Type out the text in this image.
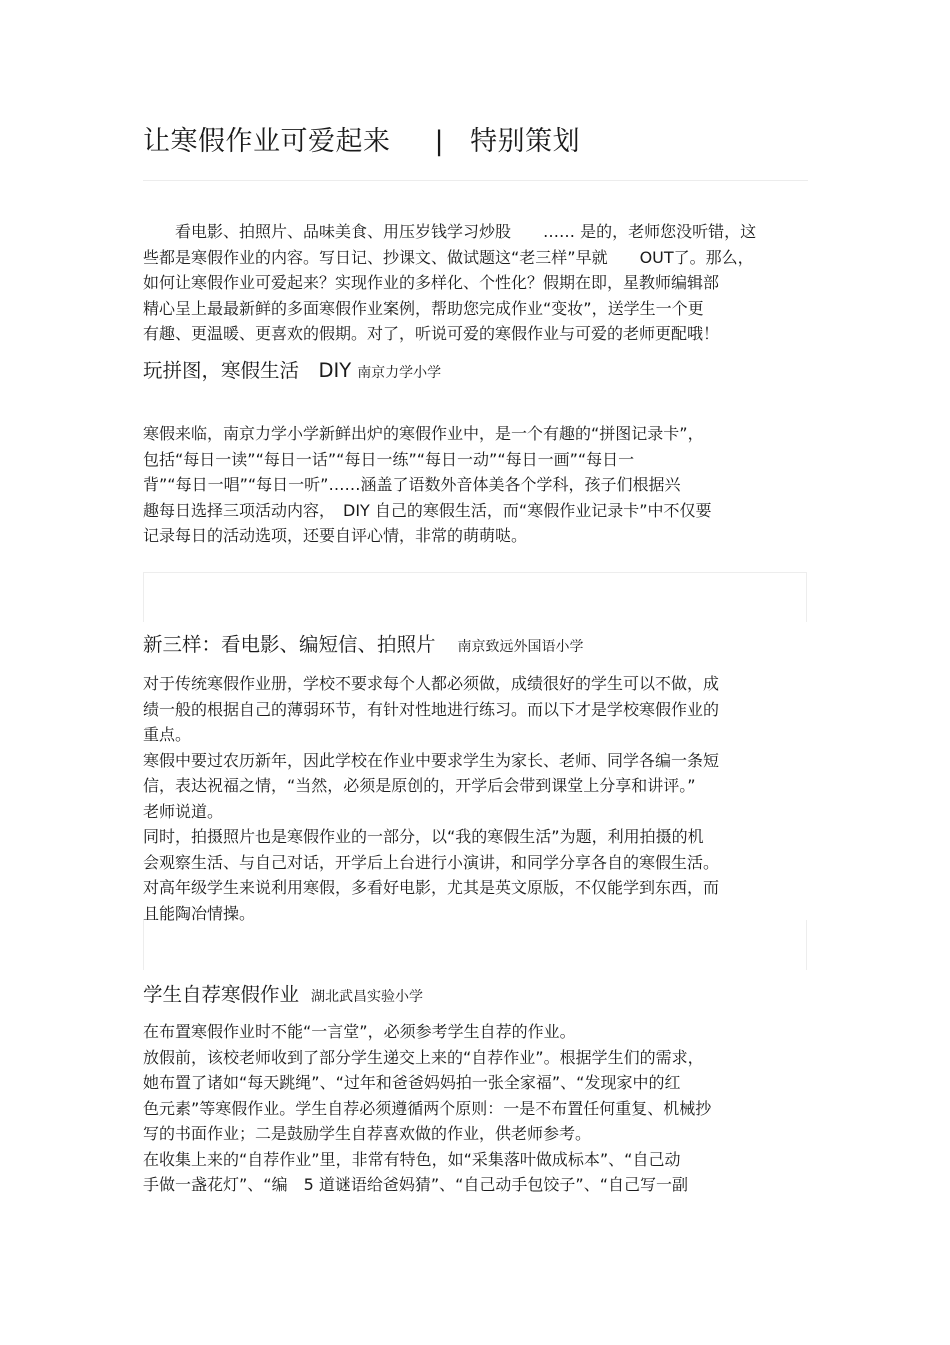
让寒假作业可爱起来 | 特别策划
　　看电影、拍照片、品味美食、用压岁钱学习炒股　　…… 是的，老师您没听错，这
些都是寒假作业的内容。写日记、抄课文、做试题这“老三样”早就　　OUT了。那么，
如何让寒假作业可爱起来？实现作业的多样化、个性化？假期在即，星教师编辑部
精心呈上最最新鲜的多面寒假作业案例，帮助您完成作业“变妆”，送学生一个更
有趣、更温暖、更喜欢的假期。对了，听说可爱的寒假作业与可爱的老师更配哦！
玩拼图，寒假生活　DIY 南京力学小学
寒假来临，南京力学小学新鲜出炉的寒假作业中，是一个有趣的“拼图记录卡”，
包括“每日一读”“每日一话”“每日一练”“每日一动”“每日一画”“每日一
背”“每日一唱”“每日一听”……涵盖了语数外音体美各个学科，孩子们根据兴
趣每日选择三项活动内容，　DIY 自己的寒假生活，而“寒假作业记录卡”中不仅要
记录每日的活动选项，还要自评心情，非常的萌萌哒。
新三样：看电影、编短信、拍照片 南京致远外国语小学
对于传统寒假作业册，学校不要求每个人都必须做，成绩很好的学生可以不做，成
绩一般的根据自己的薄弱环节，有针对性地进行练习。而以下才是学校寒假作业的
重点。
寒假中要过农历新年，因此学校在作业中要求学生为家长、老师、同学各编一条短
信，表达祝福之情，“当然，必须是原创的，开学后会带到课堂上分享和讲评。”
老师说道。
同时，拍摄照片也是寒假作业的一部分，以“我的寒假生活”为题，利用拍摄的机
会观察生活、与自己对话，开学后上台进行小演讲，和同学分享各自的寒假生活。
对高年级学生来说利用寒假，多看好电影，尤其是英文原版，不仅能学到东西，而
且能陶冶情操。
学生自荐寒假作业 湖北武昌实验小学
在布置寒假作业时不能“一言堂”，必须参考学生自荐的作业。
放假前，该校老师收到了部分学生递交上来的“自荐作业”。根据学生们的需求，
她布置了诸如“每天跳绳”、“过年和爸爸妈妈拍一张全家福”、“发现家中的红
色元素”等寒假作业。学生自荐必须遵循两个原则：一是不布置任何重复、机械抄
写的书面作业；二是鼓励学生自荐喜欢做的作业，供老师参考。
在收集上来的“自荐作业”里，非常有特色，如“采集落叶做成标本”、“自己动
手做一盏花灯”、“编　5 道谜语给爸妈猜”、“自己动手包饺子”、“自己写一副
